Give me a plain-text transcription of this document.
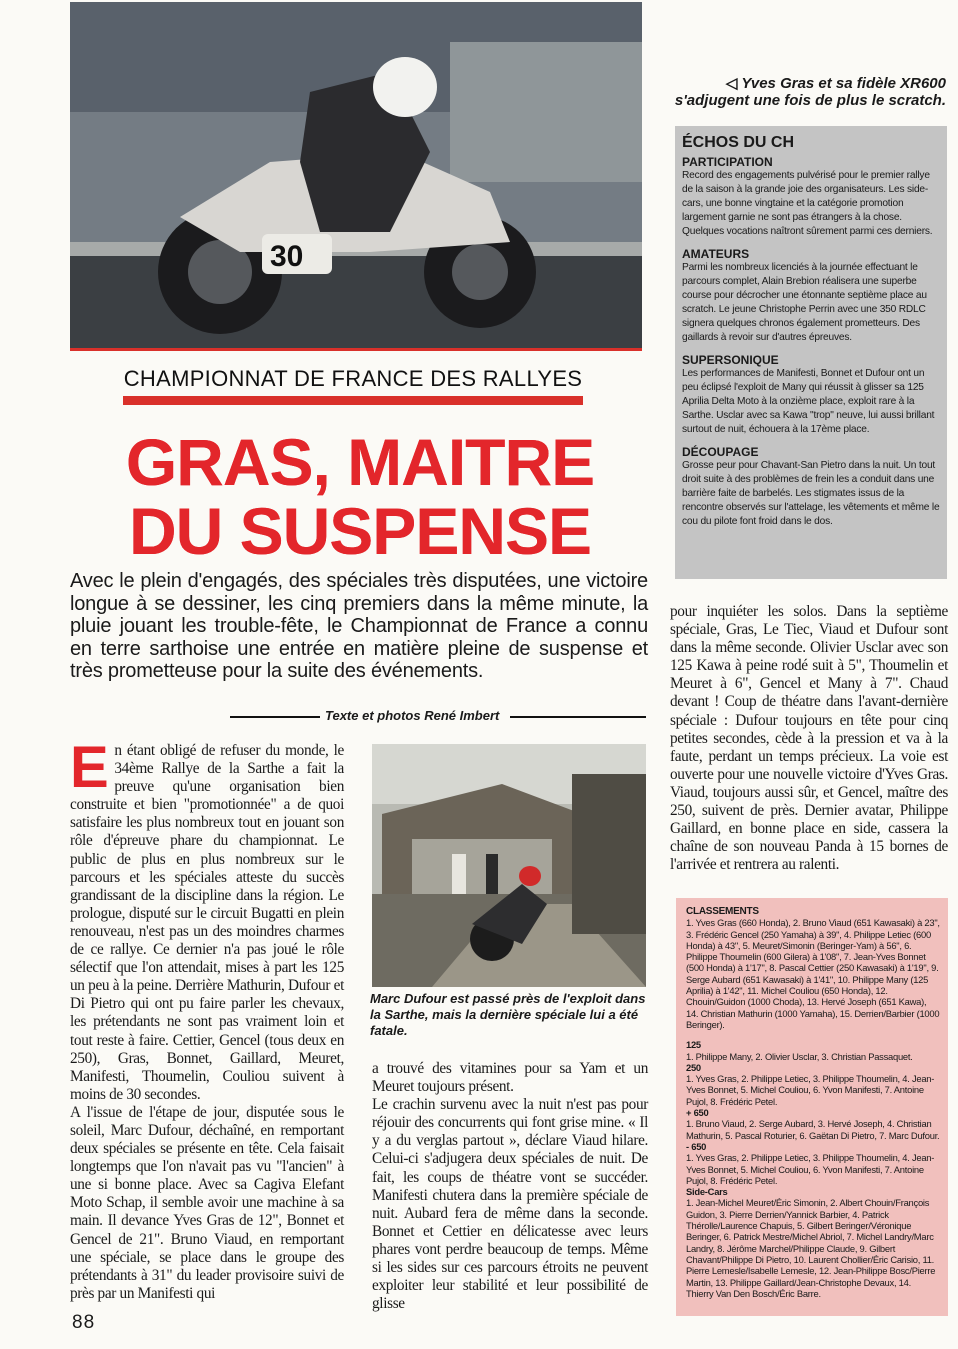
30
◁ Yves Gras et sa fidèle XR600 s'adjugent une fois de plus le scratch.
ÉCHOS DU CH
PARTICIPATION

Record des engagements pulvérisé pour le premier rallye de la saison à la grande joie des organisateurs. Les side-cars, une bonne vingtaine et la catégorie promotion largement garnie ne sont pas étrangers à la chose. Quelques vocations naîtront sûrement parmi ces derniers.

AMATEURS

Parmi les nombreux licenciés à la journée effectuant le parcours complet, Alain Brebion réalisera une superbe course pour décrocher une étonnante septième place au scratch. Le jeune Christophe Perrin avec une 350 RDLC signera quelques chronos également prometteurs. Des gaillards à revoir sur d'autres épreuves.

SUPERSONIQUE

Les performances de Manifesti, Bonnet et Dufour ont un peu éclipsé l'exploit de Many qui réussit à glisser sa 125 Aprilia Delta Moto à la onzième place, exploit rare à la Sarthe. Usclar avec sa Kawa "trop" neuve, lui aussi brillant surtout de nuit, échouera à la 17ème place.

DÉCOUPAGE

Grosse peur pour Chavant-San Pietro dans la nuit. Un tout droit suite à des problèmes de frein les a conduit dans une barrière faite de barbelés. Les stigmates issus de la rencontre observés sur l'attelage, les vêtements et même le cou du pilote font froid dans le dos.

CHAMPIONNAT DE FRANCE DES RALLYES
GRAS, MAITRE
DU SUSPENSE
Avec le plein d'engagés, des spéciales très disputées, une victoire longue à se dessiner, les cinq premiers dans la même minute, la pluie jouant les trouble-fête, le Championnat de France a connu en terre sarthoise une entrée en matière pleine de suspense et très prometteuse pour la suite des événements.
Texte et photos René Imbert
E n étant obligé de refuser du monde, le 34ème Rallye de la Sarthe a fait la preuve qu'une organisation bien construite et bien "promotionnée" a de quoi satisfaire les plus nombreux tout en jouant son rôle d'épreuve phare du championnat. Le public de plus en plus nombreux sur le parcours et les spéciales atteste du succès grandissant de la discipline dans la région. Le prologue, disputé sur le circuit Bugatti en plein renouveau, n'est pas un des moindres charmes de ce rallye. Ce dernier n'a pas joué le rôle sélectif que l'on attendait, mises à part les 125 un peu à la peine. Derrière Mathurin, Dufour et Di Pietro qui ont pu faire parler les chevaux, les prétendants ne sont pas vraiment loin et tout reste à faire. Cettier, Gencel (tous deux en 250), Gras, Bonnet, Gaillard, Meuret, Manifesti, Thoumelin, Couliou suivent à moins de 30 secondes.

A l'issue de l'étape de jour, disputée sous le soleil, Marc Dufour, déchaîné, en remportant deux spéciales se présente en tête. Cela faisait longtemps que l'on n'avait pas vu "l'ancien" à une si bonne place. Avec sa Cagiva Elefant Moto Schap, il semble avoir une machine à sa main. Il devance Yves Gras de 12", Bonnet et Gencel de 21". Bruno Viaud, en remportant une spéciale, se place dans le groupe des prétendants à 31" du leader provisoire suivi de près par un Manifesti qui

Marc Dufour est passé près de l'exploit dans la Sarthe, mais la dernière spéciale lui a été fatale.

a trouvé des vitamines pour sa Yam et un Meuret toujours présent.

Le crachin survenu avec la nuit n'est pas pour réjouir des concurrents qui font grise mine. « Il y a du verglas partout », déclare Viaud hilare. Celui-ci s'adjugera deux spéciales de nuit. De fait, les coups de théatre vont se succéder. Manifesti chutera dans la première spéciale de nuit. Aubard fera de même dans la seconde. Bonnet et Cettier en délicatesse avec leurs phares vont perdre beaucoup de temps. Même si les sides sur ces parcours étroits ne peuvent exploiter leur stabilité et leur possibilité de glisse

pour inquiéter les solos. Dans la septième spéciale, Gras, Le Tiec, Viaud et Dufour sont dans la même seconde. Olivier Usclar avec son 125 Kawa à peine rodé suit à 5", Thoumelin et Meuret à 6", Gencel et Many à 7". Chaud devant ! Coup de théatre dans l'avant-dernière spéciale : Dufour toujours en tête pour cinq petites secondes, cède à la pression et va à la faute, perdant un temps précieux. La voie est ouverte pour une nouvelle victoire d'Yves Gras. Viaud, toujours aussi sûr, et Gencel, maître des 250, suivent de près. Dernier avatar, Philippe Gaillard, en bonne place en side, cassera la chaîne de son nouveau Panda à 15 bornes de l'arrivée et rentrera au ralenti.

CLASSEMENTS

1. Yves Gras (660 Honda), 2. Bruno Viaud (651 Kawasaki) à 23", 3. Frédéric Gencel (250 Yamaha) à 39", 4. Philippe Letiec (600 Honda) à 43", 5. Meuret/Simonin (Beringer-Yam) à 56", 6. Philippe Thoumelin (600 Gilera) à 1'08", 7. Jean-Yves Bonnet (500 Honda) à 1'17", 8. Pascal Cettier (250 Kawasaki) à 1'19", 9. Serge Aubard (651 Kawasaki) à 1'41", 10. Philippe Many (125 Aprilia) à 1'42", 11. Michel Couliou (650 Honda), 12. Chouin/Guidon (1000 Choda), 13. Hervé Joseph (651 Kawa), 14. Christian Mathurin (1000 Yamaha), 15. Derrien/Barbier (1000 Beringer).

125

1. Philippe Many, 2. Olivier Usclar, 3. Christian Passaquet.

250

1. Yves Gras, 2. Philippe Letiec, 3. Philippe Thoumelin, 4. Jean-Yves Bonnet, 5. Michel Couliou, 6. Yvon Manifesti, 7. Antoine Pujol, 8. Frédéric Petel.

+ 650

1. Bruno Viaud, 2. Serge Aubard, 3. Hervé Joseph, 4. Christian Mathurin, 5. Pascal Roturier, 6. Gaëtan Di Pietro, 7. Marc Dufour.

- 650

1. Yves Gras, 2. Philippe Letiec, 3. Philippe Thoumelin, 4. Jean-Yves Bonnet, 5. Michel Couliou, 6. Yvon Manifesti, 7. Antoine Pujol, 8. Frédéric Petel.

Side-Cars

1. Jean-Michel Meuret/Éric Simonin, 2. Albert Chouin/François Guidon, 3. Pierre Derrien/Yannick Barbier, 4. Patrick Thérolle/Laurence Chapuis, 5. Gilbert Beringer/Véronique Beringer, 6. Patrick Mestre/Michel Abriol, 7. Michel Landry/Marc Landry, 8. Jérôme Marchel/Philippe Claude, 9. Gilbert Chavant/Philippe Di Pietro, 10. Laurent Chollier/Éric Carisio, 11. Pierre Lemesle/Isabelle Lemesle, 12. Jean-Philippe Bosc/Pierre Martin, 13. Philippe Gaillard/Jean-Christophe Devaux, 14. Thierry Van Den Bosch/Éric Barre.

88
